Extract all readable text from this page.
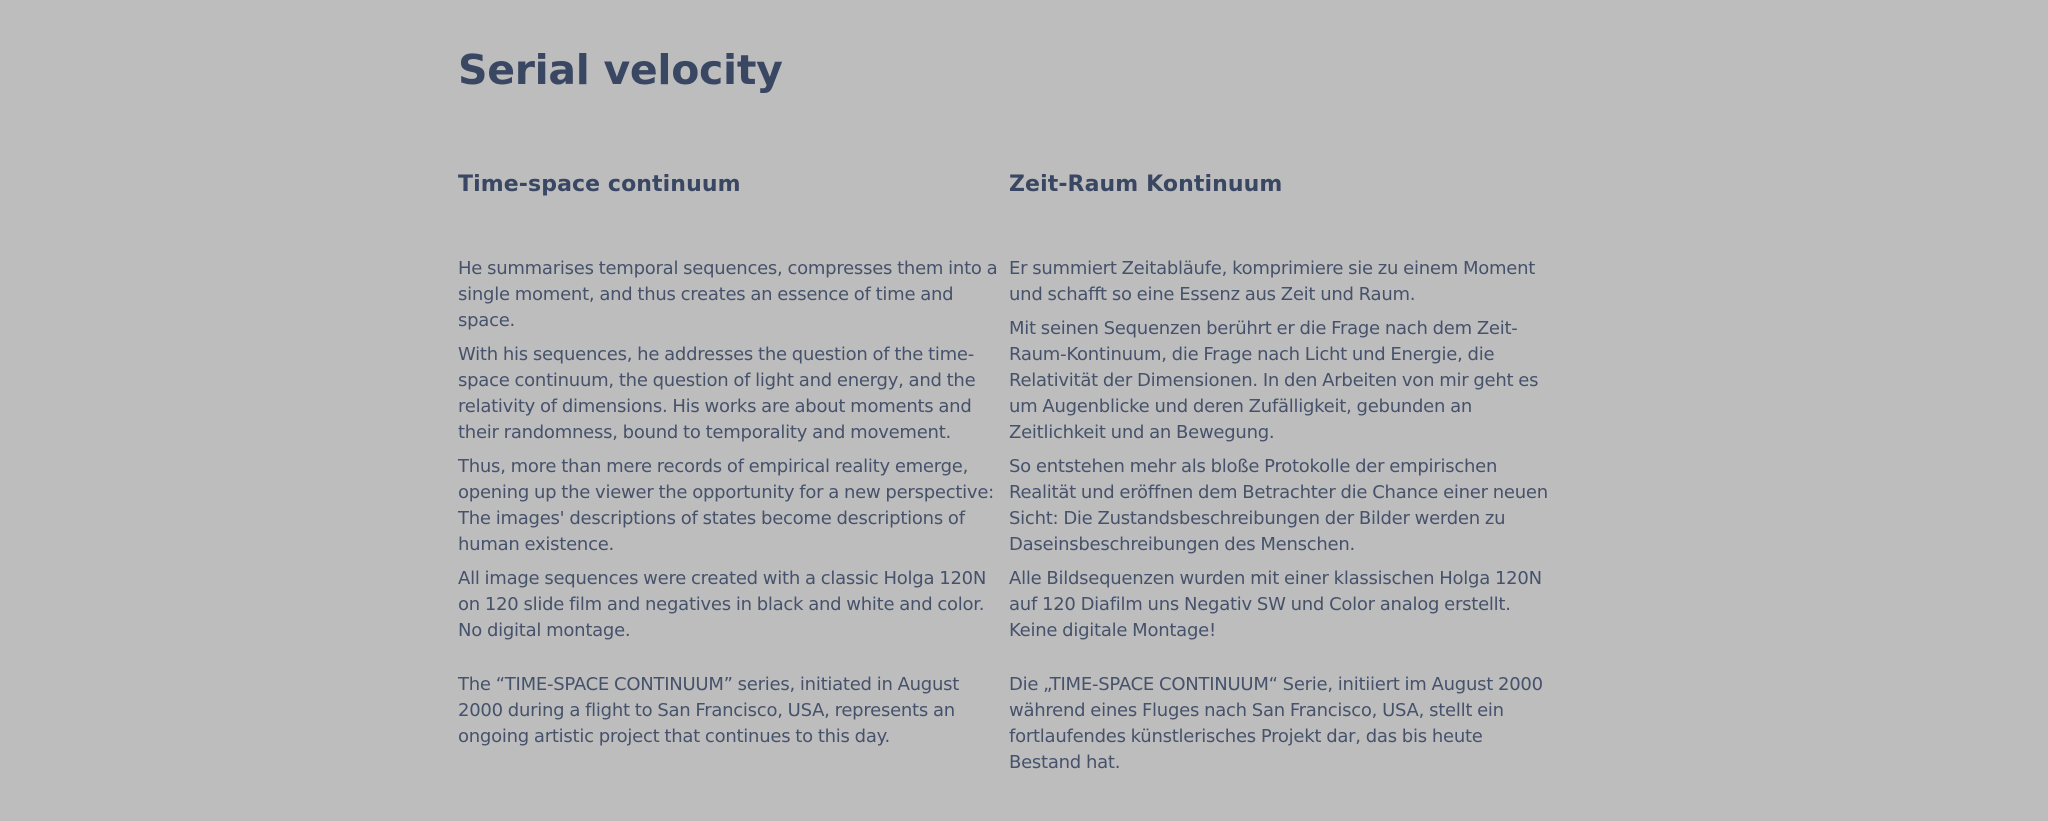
Serial velocity
Time-space continuum

He summarises temporal sequences, compresses them into a single moment, and thus creates an essence of time and space.

With his sequences, he addresses the question of the time-space continuum, the question of light and energy, and the relativity of dimensions. His works are about moments and their randomness, bound to temporality and movement.

Thus, more than mere records of empirical reality emerge, opening up the viewer the opportunity for a new perspective: The images' descriptions of states become descriptions of human existence.

All image sequences were created with a classic Holga 120N on 120 slide film and negatives in black and white and color. No digital montage.

The “TIME-SPACE CONTINUUM” series, initiated in August 2000 during a flight to San Francisco, USA, represents an ongoing artistic project that continues to this day.

Zeit-Raum Kontinuum

Er summiert Zeitabläufe, komprimiere sie zu einem Moment und schafft so eine Essenz aus Zeit und Raum.

Mit seinen Sequenzen berührt er die Frage nach dem Zeit-Raum-Kontinuum, die Frage nach Licht und Energie, die Relativität der Dimensionen. In den Arbeiten von mir geht es um Augenblicke und deren Zufälligkeit, gebunden an Zeitlichkeit und an Bewegung.

So entstehen mehr als bloße Protokolle der empirischen Realität und eröffnen dem Betrachter die Chance einer neuen Sicht: Die Zustandsbeschreibungen der Bilder werden zu Daseinsbeschreibungen des Menschen.

Alle Bildsequenzen wurden mit einer klassischen Holga 120N auf 120 Diafilm uns Negativ SW und Color analog erstellt. Keine digitale Montage!

Die „TIME-SPACE CONTINUUM“ Serie, initiiert im August 2000 während eines Fluges nach San Francisco, USA, stellt ein fortlaufendes künstlerisches Projekt dar, das bis heute Bestand hat.
